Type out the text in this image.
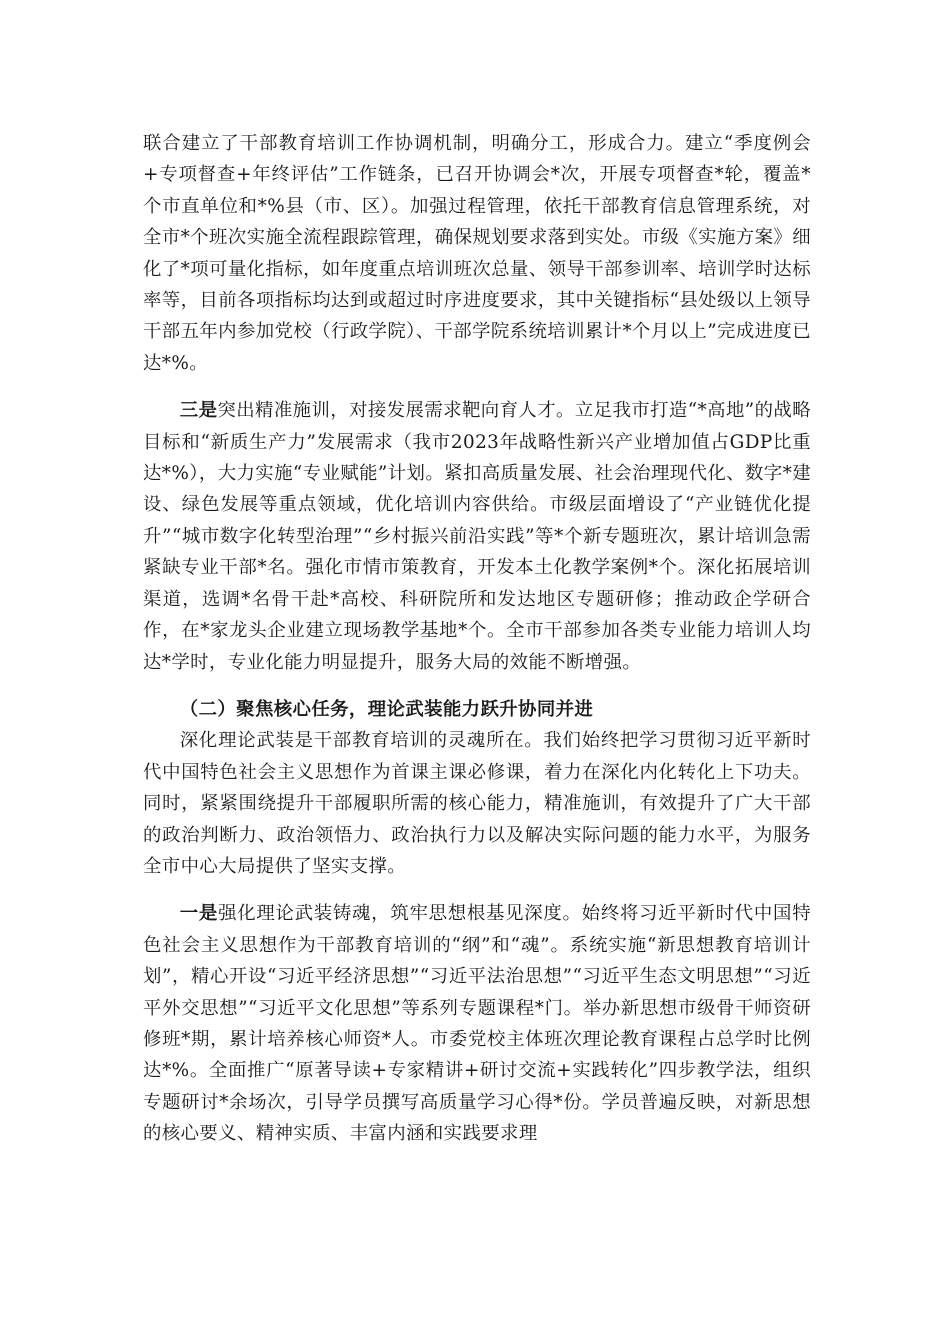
联合建立了干部教育培训工作协调机制，明确分工，形成合力。建立“季度例会+专项督查+年终评估”工作链条，已召开协调会*次，开展专项督查*轮，覆盖*个市直单位和*%县（市、区）。加强过程管理，依托干部教育信息管理系统，对全市*个班次实施全流程跟踪管理，确保规划要求落到实处。市级《实施方案》细化了*项可量化指标，如年度重点培训班次总量、领导干部参训率、培训学时达标率等，目前各项指标均达到或超过时序进度要求，其中关键指标“县处级以上领导干部五年内参加党校（行政学院）、干部学院系统培训累计*个月以上”完成进度已达*%。

三是突出精准施训，对接发展需求靶向育人才。立足我市打造“*高地”的战略目标和“新质生产力”发展需求（我市2023年战略性新兴产业增加值占GDP比重达*%），大力实施“专业赋能”计划。紧扣高质量发展、社会治理现代化、数字*建设、绿色发展等重点领域，优化培训内容供给。市级层面增设了“产业链优化提升”“城市数字化转型治理”“乡村振兴前沿实践”等*个新专题班次，累计培训急需紧缺专业干部*名。强化市情市策教育，开发本土化教学案例*个。深化拓展培训渠道，选调*名骨干赴*高校、科研院所和发达地区专题研修；推动政企学研合作，在*家龙头企业建立现场教学基地*个。全市干部参加各类专业能力培训人均达*学时，专业化能力明显提升，服务大局的效能不断增强。

（二）聚焦核心任务，理论武装能力跃升协同并进

深化理论武装是干部教育培训的灵魂所在。我们始终把学习贯彻习近平新时代中国特色社会主义思想作为首课主课必修课，着力在深化内化转化上下功夫。同时，紧紧围绕提升干部履职所需的核心能力，精准施训，有效提升了广大干部的政治判断力、政治领悟力、政治执行力以及解决实际问题的能力水平，为服务全市中心大局提供了坚实支撑。

一是强化理论武装铸魂，筑牢思想根基见深度。始终将习近平新时代中国特色社会主义思想作为干部教育培训的“纲”和“魂”。系统实施“新思想教育培训计划”，精心开设“习近平经济思想”“习近平法治思想”“习近平生态文明思想”“习近平外交思想”“习近平文化思想”等系列专题课程*门。举办新思想市级骨干师资研修班*期，累计培养核心师资*人。市委党校主体班次理论教育课程占总学时比例达*%。全面推广“原著导读+专家精讲+研讨交流+实践转化”四步教学法，组织专题研讨*余场次，引导学员撰写高质量学习心得*份。学员普遍反映，对新思想的核心要义、精神实质、丰富内涵和实践要求理
